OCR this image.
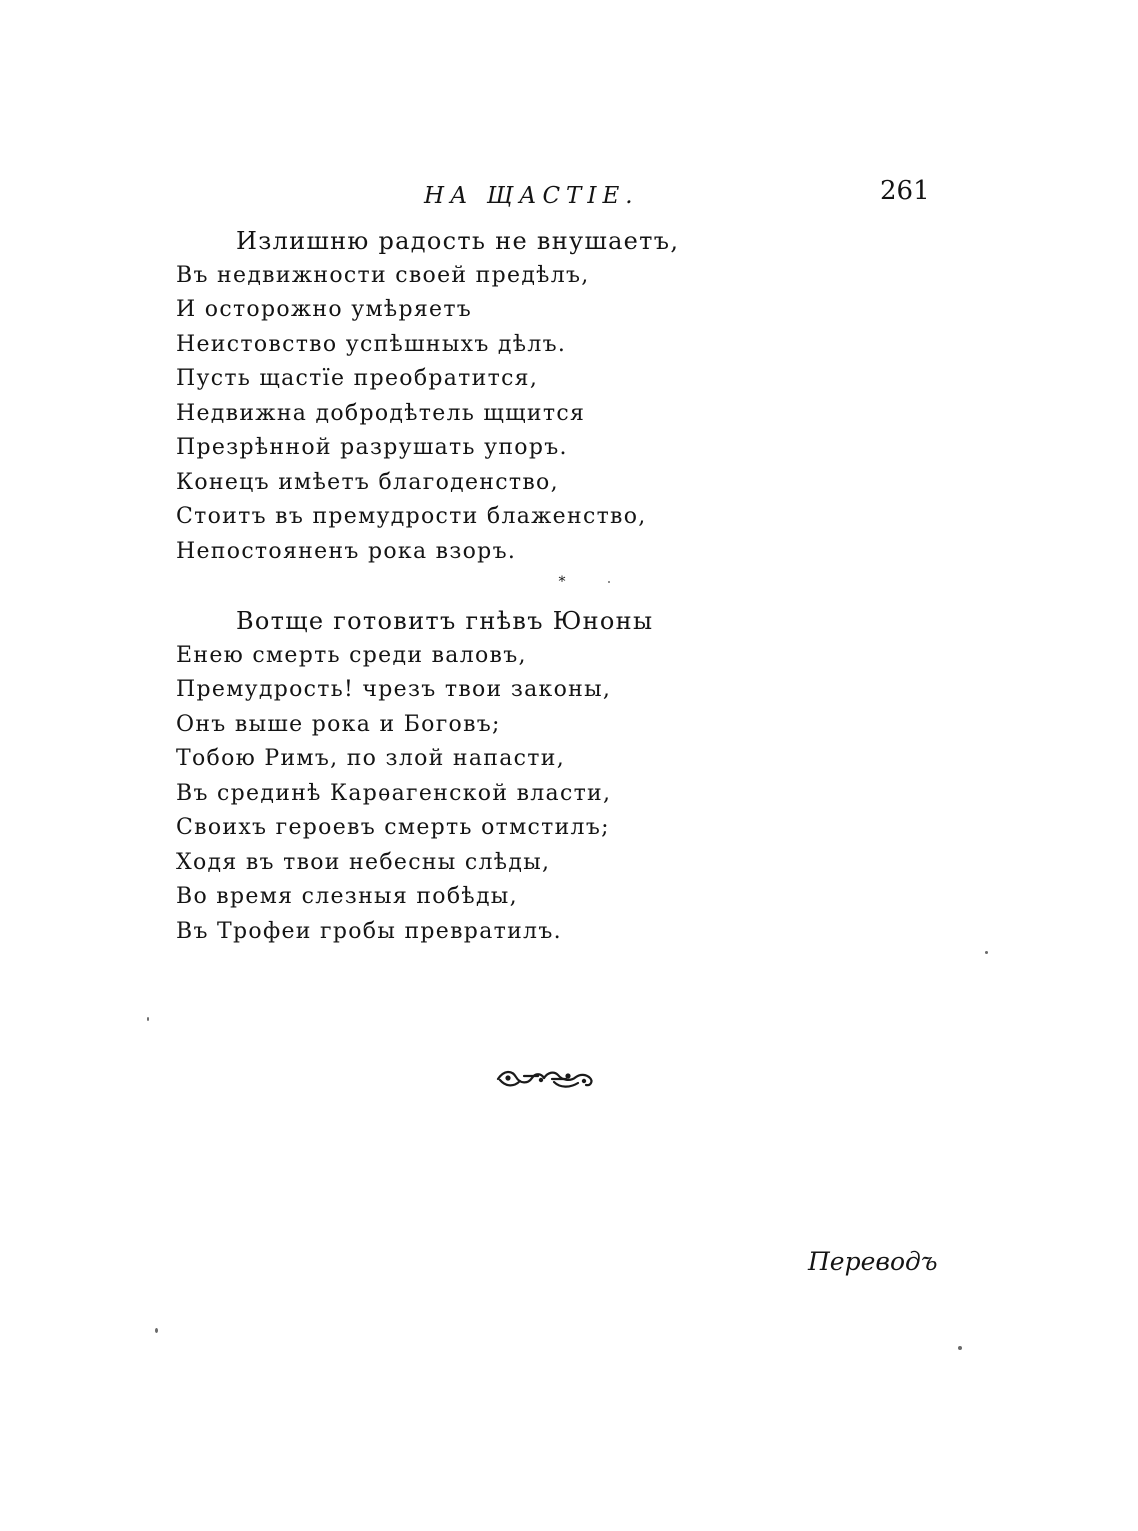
НА ЩАСТІЕ.	261
Излишню радость не внушаетъ,
Въ недвижности своей предѣлъ,
И осторожно умѣряетъ
Неистовство успѣшныхъ дѣлъ.
Пусть щастїе преобратится,
Недвижна добродѣтель щщится
Презрѣнной разрушать упоръ.
Конецъ имѣетъ благоденство,
Стоитъ въ премудрости блаженство,
Непостояненъ рока взоръ.
*
Вотще готовитъ гнѣвъ Юноны
Енею смерть среди валовъ,
Премудрость! чрезъ твои законы,
Онъ выше рока и Боговъ;
Тобою Римъ, по злой напасти,
Въ срединѣ Карѳагенской власти,
Своихъ героевъ смерть отмстилъ;
Ходя въ твои небесны слѣды,
Во время слезныя побѣды,
Въ Трофеи гробы превратилъ.
Переводъ
